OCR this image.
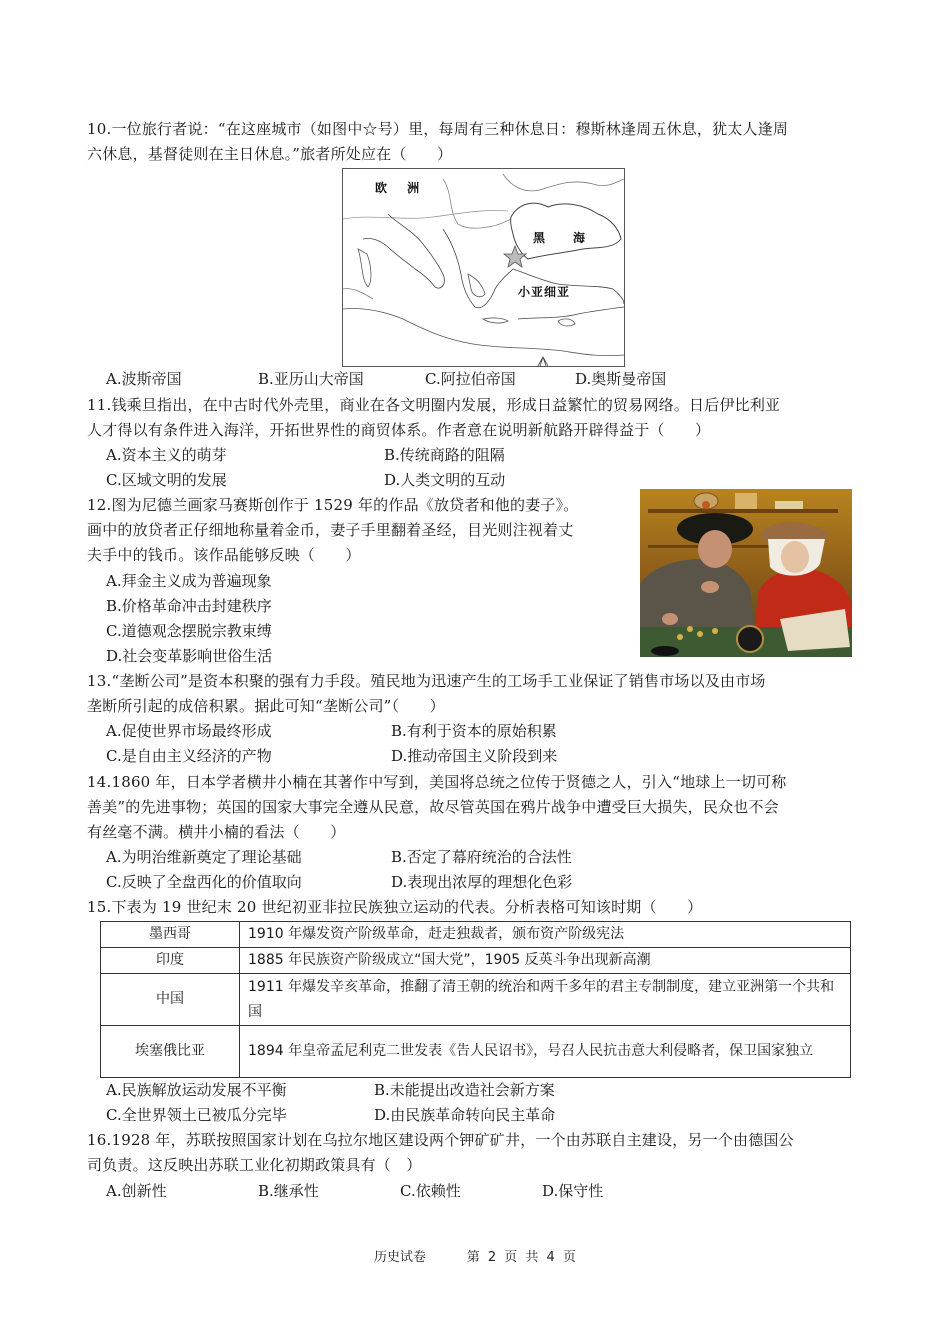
10.一位旅行者说：“在这座城市（如图中☆号）里，每周有三种休息日：穆斯林逢周五休息，犹太人逢周
六休息，基督徒则在主日休息。”旅者所处应在（　　）
欧 洲
黑　海
小亚细亚
A.波斯帝国	B.亚历山大帝国	C.阿拉伯帝国	D.奥斯曼帝国
11.钱乘旦指出，在中古时代外壳里，商业在各文明圈内发展，形成日益繁忙的贸易网络。日后伊比利亚
人才得以有条件进入海洋，开拓世界性的商贸体系。作者意在说明新航路开辟得益于（　　）
A.资本主义的萌芽	B.传统商路的阻隔
C.区域文明的发展	D.人类文明的互动
12.图为尼德兰画家马赛斯创作于 1529 年的作品《放贷者和他的妻子》。
画中的放贷者正仔细地称量着金币，妻子手里翻着圣经，目光则注视着丈
夫手中的钱币。该作品能够反映（　　）
A.拜金主义成为普遍现象
B.价格革命冲击封建秩序
C.道德观念摆脱宗教束缚
D.社会变革影响世俗生活
13.“垄断公司”是资本积聚的强有力手段。殖民地为迅速产生的工场手工业保证了销售市场以及由市场
垄断所引起的成倍积累。据此可知“垄断公司”（　　）
A.促使世界市场最终形成	B.有利于资本的原始积累
C.是自由主义经济的产物	D.推动帝国主义阶段到来
14.1860 年，日本学者横井小楠在其著作中写到，美国将总统之位传于贤德之人，引入“地球上一切可称
善美”的先进事物；英国的国家大事完全遵从民意，故尽管英国在鸦片战争中遭受巨大损失，民众也不会
有丝毫不满。横井小楠的看法（　　）
A.为明治维新奠定了理论基础	B.否定了幕府统治的合法性
C.反映了全盘西化的价值取向	D.表现出浓厚的理想化色彩
15.下表为 19 世纪末 20 世纪初亚非拉民族独立运动的代表。分析表格可知该时期（　　）
墨西哥	1910 年爆发资产阶级革命，赶走独裁者，颁布资产阶级宪法
印度	1885 年民族资产阶级成立“国大党”，1905 反英斗争出现新高潮
中国	1911 年爆发辛亥革命，推翻了清王朝的统治和两千多年的君主专制制度，建立亚洲第一个共和国
埃塞俄比亚	1894 年皇帝孟尼利克二世发表《告人民诏书》，号召人民抗击意大利侵略者，保卫国家独立
A.民族解放运动发展不平衡	B.未能提出改造社会新方案
C.全世界领土已被瓜分完毕	D.由民族革命转向民主革命
16.1928 年，苏联按照国家计划在乌拉尔地区建设两个钾矿矿井，一个由苏联自主建设，另一个由德国公
司负责。这反映出苏联工业化初期政策具有（　）
A.创新性	B.继承性	C.依赖性	D.保守性
历史试卷	第 2 页 共 4 页
